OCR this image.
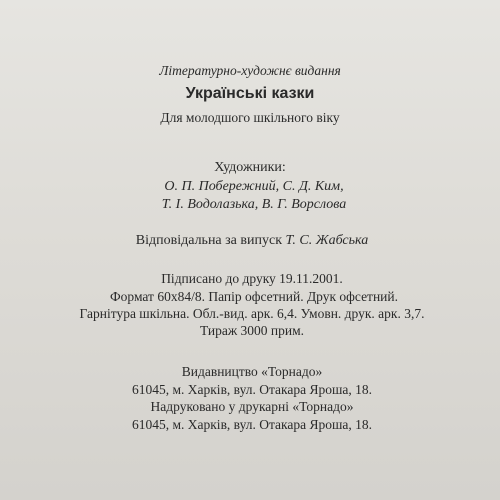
Літературно-художнє видання
Українські казки
Для молодшого шкільного віку
Художники:
О. П. Побережний, С. Д. Ким,
Т. І. Водолазька, В. Г. Ворслова
Відповідальна за випуск Т. С. Жабська
Підписано до друку 19.11.2001.
Формат 60x84/8. Папір офсетний. Друк офсетний.
Гарнітура шкільна. Обл.-вид. арк. 6,4. Умовн. друк. арк. 3,7.
Тираж 3000 прим.
Видавництво «Торнадо»
61045, м. Харків, вул. Отакара Яроша, 18.
Надруковано у друкарні «Торнадо»
61045, м. Харків, вул. Отакара Яроша, 18.
